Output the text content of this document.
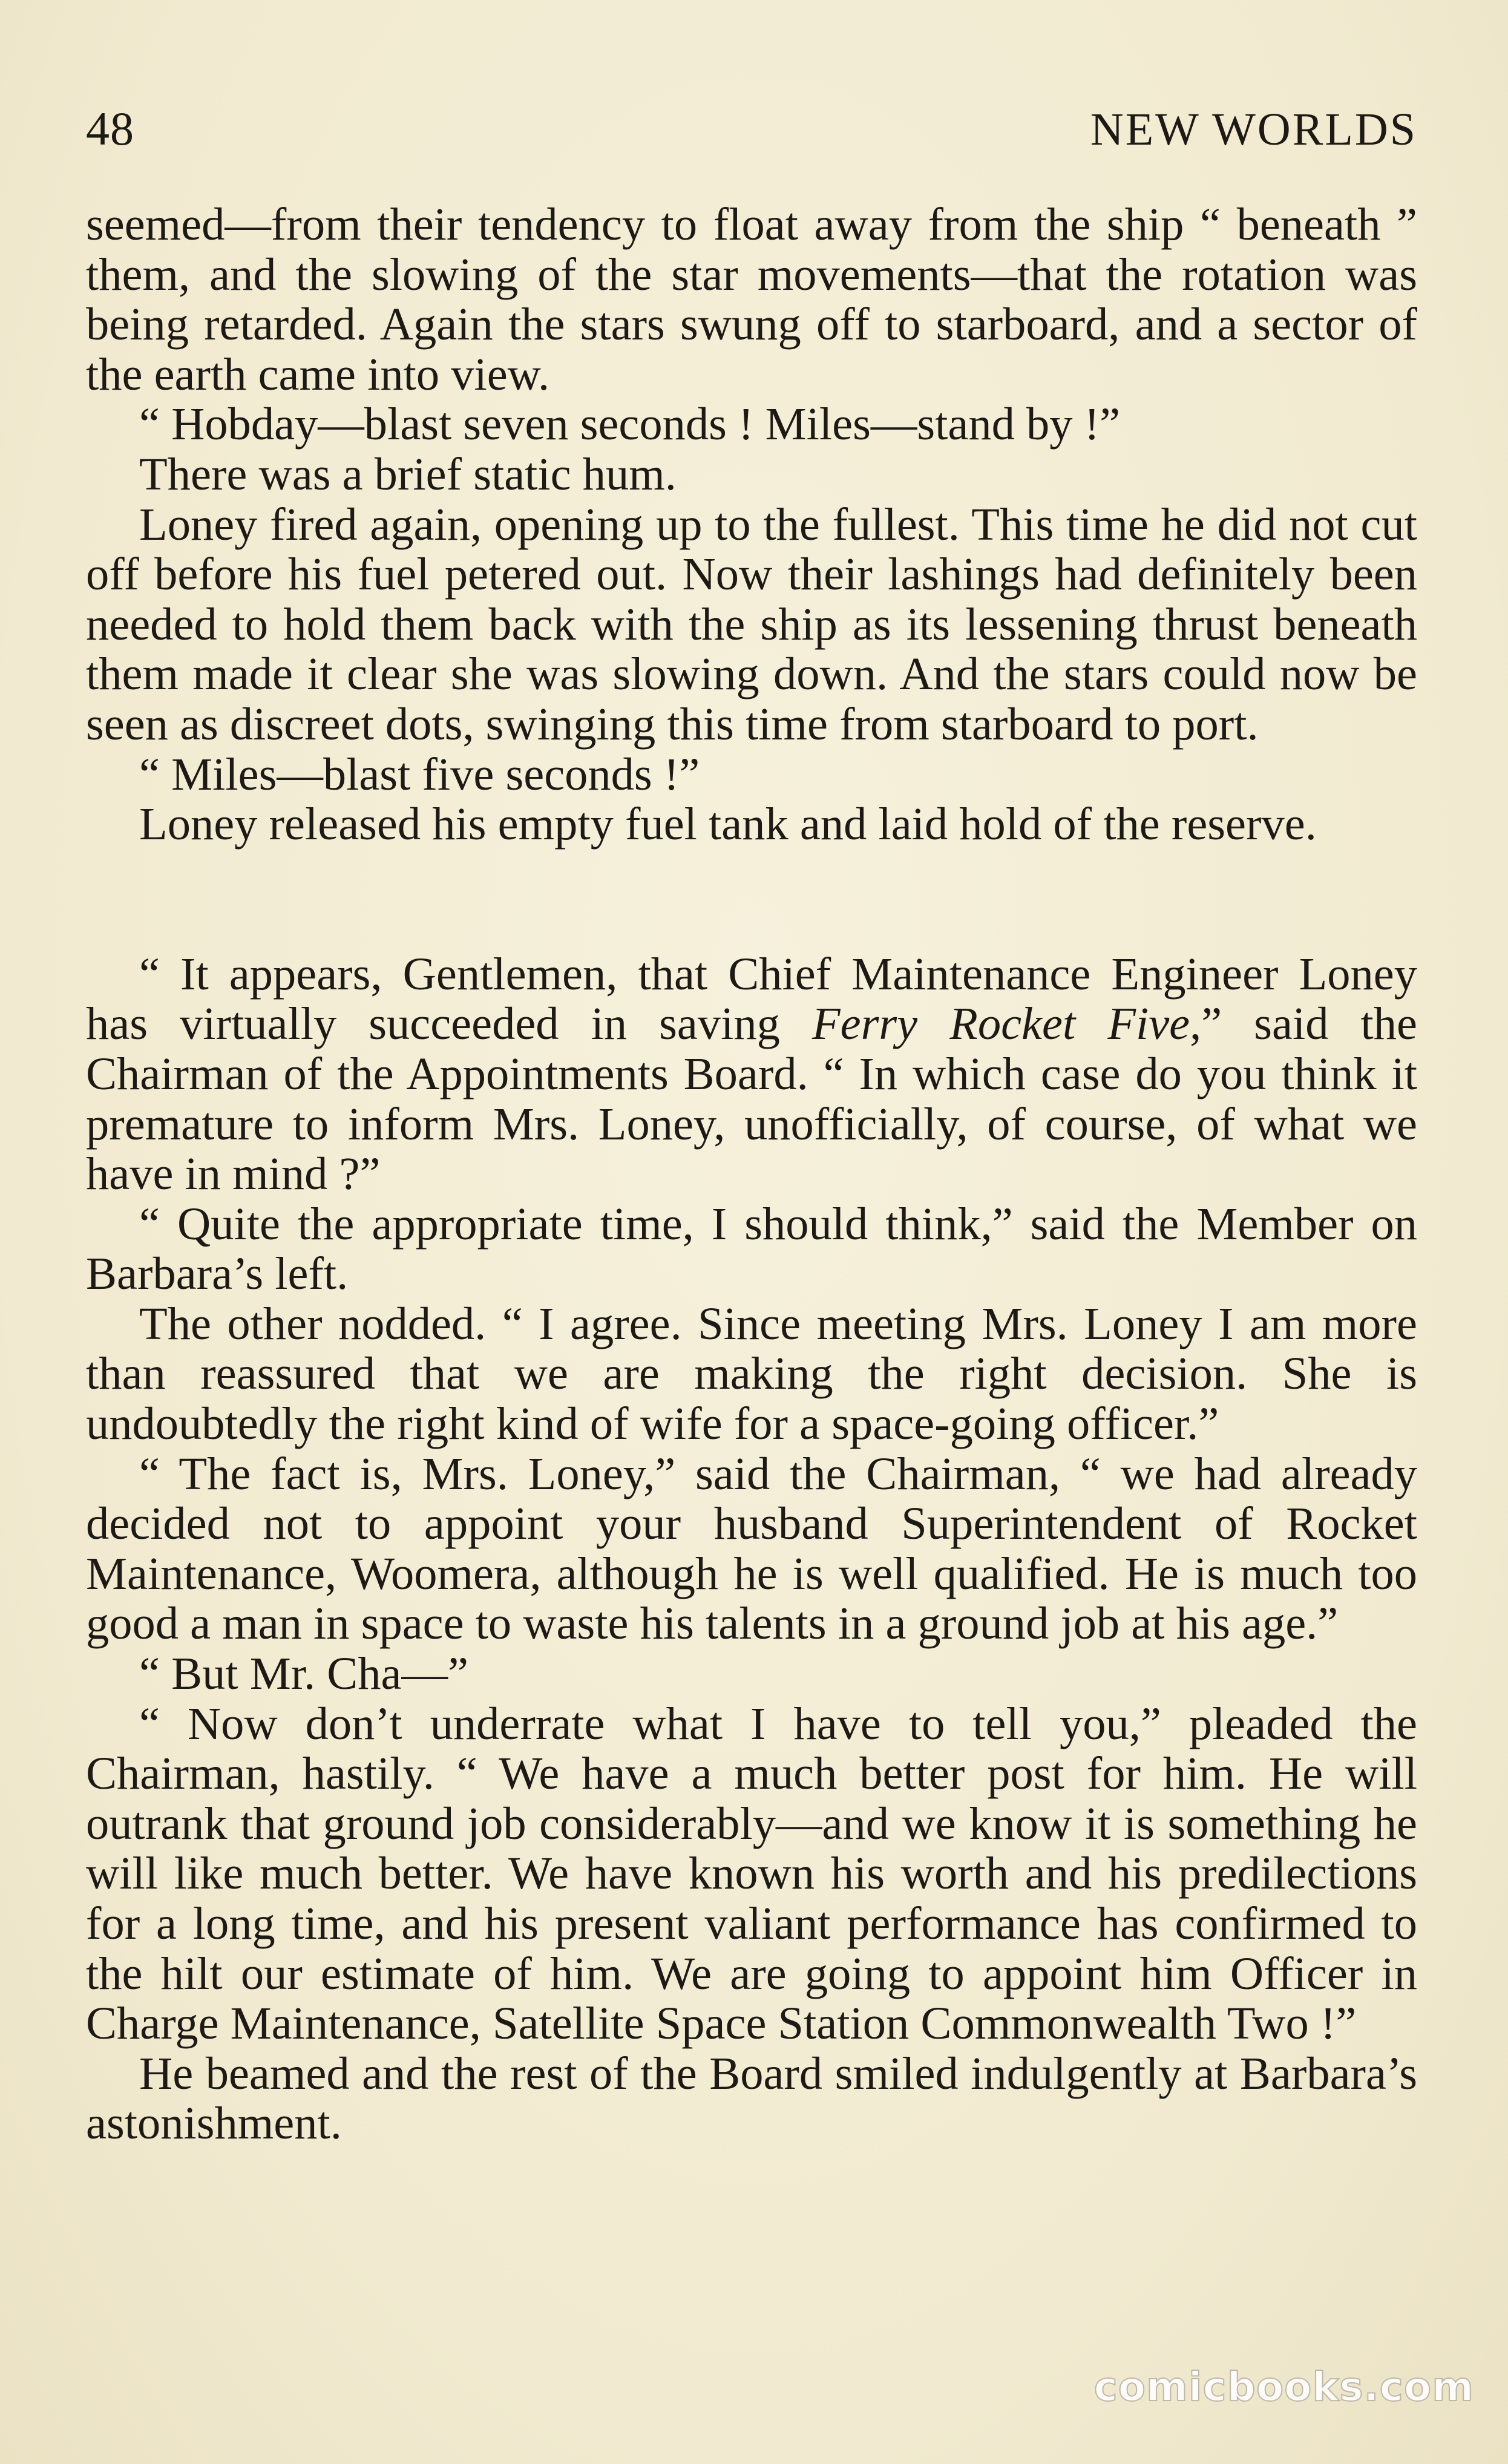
48	NEW WORLDS

seemed—from their tendency to float away from the ship “ beneath ” them, and the slowing of the star movements—that the rotation was being retarded. Again the stars swung off to starboard, and a sector of the earth came into view.

“ Hobday—blast seven seconds ! Miles—stand by !”

There was a brief static hum.

Loney fired again, opening up to the fullest. This time he did not cut off before his fuel petered out. Now their lashings had definitely been needed to hold them back with the ship as its lessening thrust beneath them made it clear she was slowing down. And the stars could now be seen as discreet dots, swinging this time from starboard to port.

“ Miles—blast five seconds !”

Loney released his empty fuel tank and laid hold of the reserve.

“ It appears, Gentlemen, that Chief Maintenance Engineer Loney has virtually succeeded in saving Ferry Rocket Five,” said the Chairman of the Appointments Board. “ In which case do you think it premature to inform Mrs. Loney, unofficially, of course, of what we have in mind ?”

“ Quite the appropriate time, I should think,” said the Member on Barbara’s left.

The other nodded. “ I agree. Since meeting Mrs. Loney I am more than reassured that we are making the right decision. She is undoubtedly the right kind of wife for a space-going officer.”

“ The fact is, Mrs. Loney,” said the Chairman, “ we had already decided not to appoint your husband Superintendent of Rocket Maintenance, Woomera, although he is well qualified. He is much too good a man in space to waste his talents in a ground job at his age.”

“ But Mr. Cha—”

“ Now don’t underrate what I have to tell you,” pleaded the Chairman, hastily. “ We have a much better post for him. He will outrank that ground job considerably—and we know it is something he will like much better. We have known his worth and his predilections for a long time, and his present valiant performance has confirmed to the hilt our estimate of him. We are going to appoint him Officer in Charge Maintenance, Satellite Space Station Commonwealth Two !”

He beamed and the rest of the Board smiled indulgently at Barbara’s astonishment.

comicbooks.com
